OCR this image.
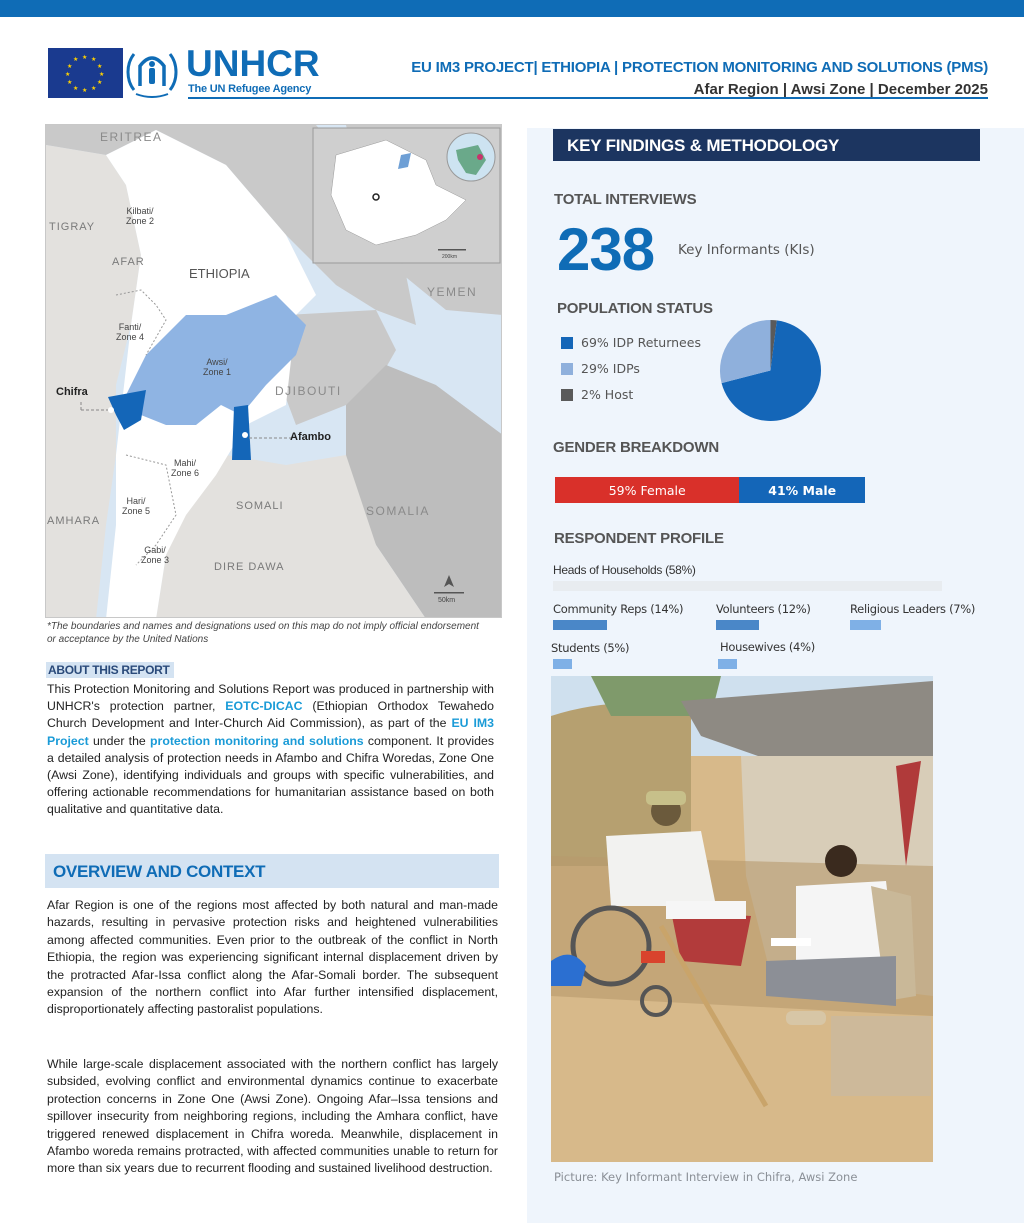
★ ★
★
★
★
★
★
★
★
★
★
★	UNHCR
The UN Refugee Agency
EU IM3 PROJECT| ETHIOPIA | PROTECTION MONITORING AND SOLUTIONS (PMS)
Afar Region | Awsi Zone | December 2025
ERITREA
TIGRAY
AFAR
ETHIOPIA
YEMEN
DJIBOUTI
SOMALI	SOMALIA
AMHARA
DIRE DAWA
Kilbati/
Zone 2
Fanti/
Zone 4
Awsi/
Zone 1
Mahi/
Zone 6
Hari/
Zone 5
Gabi/
Zone 3
Chifra
Afambo
50km
200km
*The boundaries and names and designations used on this map do not imply official endorsement or acceptance by the United Nations
ABOUT THIS REPORT
This Protection Monitoring and Solutions Report was produced in partnership with UNHCR's protection partner, EOTC-DICAC (Ethiopian Orthodox Tewahedo Church Development and Inter-Church Aid Commission), as part of the EU IM3 Project under the protection monitoring and solutions component. It provides a detailed analysis of protection needs in Afambo and Chifra Woredas, Zone One (Awsi Zone), identifying individuals and groups with specific vulnerabilities, and offering actionable recommendations for humanitarian assistance based on both qualitative and quantitative data.
OVERVIEW AND CONTEXT
Afar Region is one of the regions most affected by both natural and man-made hazards, resulting in pervasive protection risks and heightened vulnerabilities among affected communities. Even prior to the outbreak of the conflict in North Ethiopia, the region was experiencing significant internal displacement driven by the protracted Afar-Issa conflict along the Afar-Somali border. The subsequent expansion of the northern conflict into Afar further intensified displacement, disproportionately affecting pastoralist populations.
While large-scale displacement associated with the northern conflict has largely subsided, evolving conflict and environmental dynamics continue to exacerbate protection concerns in Zone One (Awsi Zone). Ongoing Afar–Issa tensions and spillover insecurity from neighboring regions, including the Amhara conflict, have triggered renewed displacement in Chifra woreda. Meanwhile, displacement in Afambo woreda remains protracted, with affected communities unable to return for more than six years due to recurrent flooding and sustained livelihood destruction.
KEY FINDINGS & METHODOLOGY
TOTAL INTERVIEWS
238 Key Informants (KIs)
POPULATION STATUS
69% IDP Returnees
29% IDPs
2% Host
GENDER BREAKDOWN
59% Female	41% Male
RESPONDENT PROFILE
Heads of Households (58%)
Community Reps (14%)	Volunteers (12%)	Religious Leaders (7%)
Students (5%)	Housewives (4%)
Picture: Key Informant Interview in Chifra, Awsi Zone
